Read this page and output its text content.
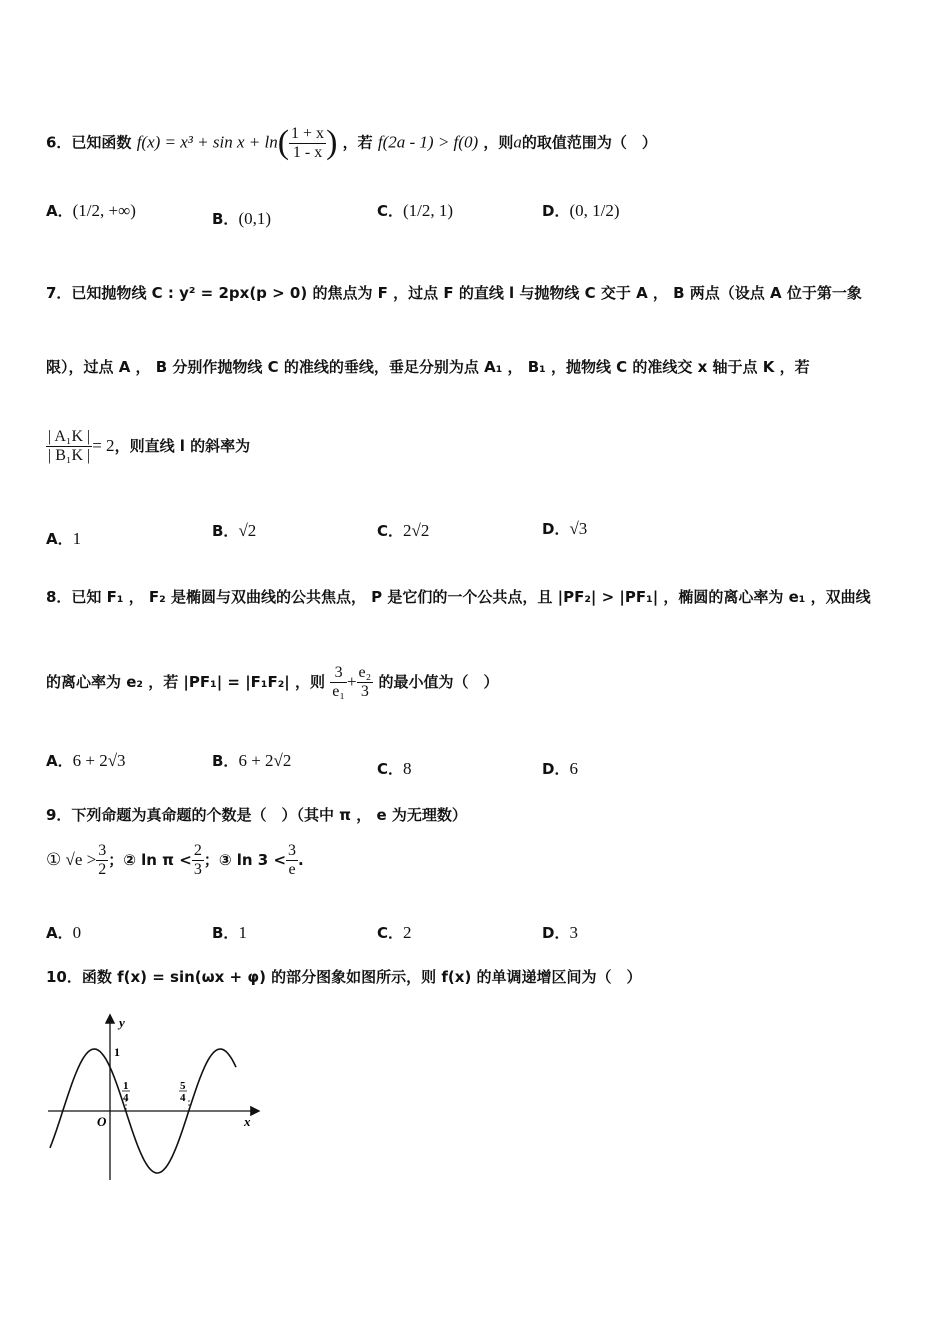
6．已知函数 $f(x) = x^3 + \sin x + \ln( \frac{1 + x}{1 - x}$ ) ，若 f(2a - 1) > f(0) ，则a的取值范围为（　）
A．(1/2, +∞)	B．(0,1)	C．(1/2, 1)	D．(0, 1/2)
7．已知抛物线 C : y² = 2px(p > 0) 的焦点为 F ，过点 F 的直线 l 与抛物线 C 交于 A ， B 两点（设点 A 位于第一象
限），过点 A ， B 分别作抛物线 C 的准线的垂线，垂足分别为点 A₁ ， B₁ ，抛物线 C 的准线交 x 轴于点 K ，若
$\frac{\text{| A₁K |}}{\text{| B₁K |}} = 2$，则直线 l 的斜率为
A．1	B．√2	C．2√2	D．√3
8．已知 F₁ ， F₂ 是椭圆与双曲线的公共焦点， P 是它们的一个公共点，且 |PF₂| > |PF₁| ，椭圆的离心率为 e₁ ，双曲线
的离心率为 e₂ ，若 |PF₁| = |F₁F₂| ，则 $\frac{3}{\text{e₁}} + \frac{\text{e₂}}{3}$ 的最小值为（　）
A．6 + 2√3	B．6 + 2√2	C．8	D．6
9．下列命题为真命题的个数是（　）（其中 π ， e 为无理数）
① $√e > \frac{3}{2}$ ；② $\ln \pi < \frac{2}{3}$ ；③ $\ln 3 < \frac{3}{e}$ .
A．0	B．1	C．2	D．3
10．函数 f(x) = sin(ωx + φ) 的部分图象如图所示，则 f(x) 的单调递增区间为（　）
y
x
O
1
1
4
5
4
